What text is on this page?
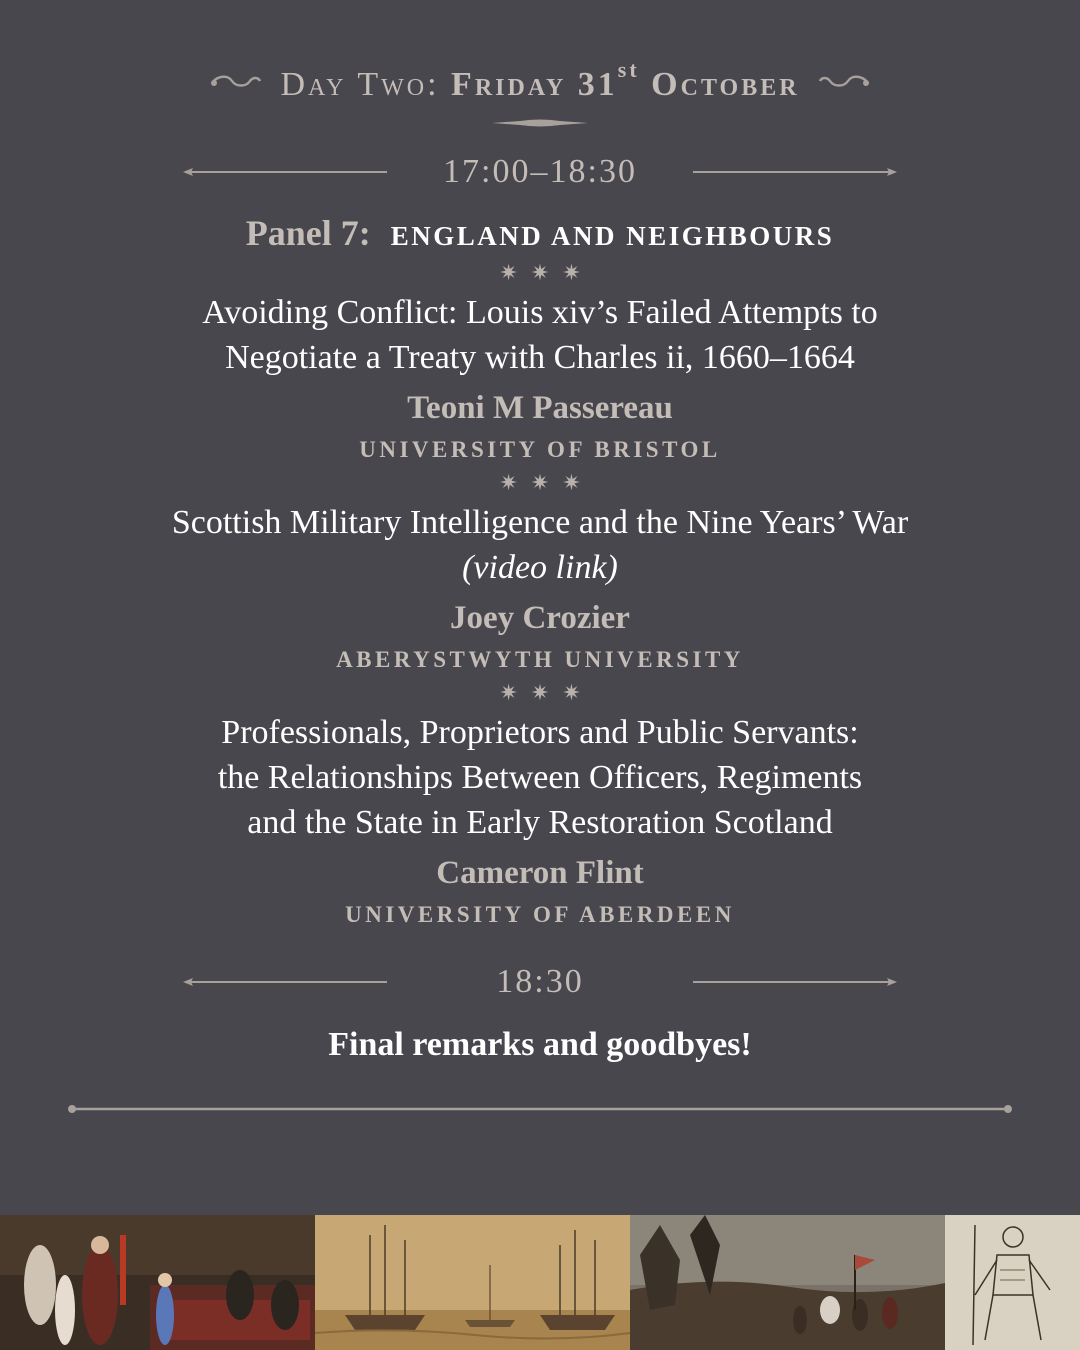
Day Two: Friday 31st October
17:00–18:30
Panel 7: ENGLAND AND NEIGHBOURS
✷ ✷ ✷
Avoiding Conflict: Louis xiv’s Failed Attempts to
Negotiate a Treaty with Charles ii, 1660–1664
Teoni M Passereau
UNIVERSITY OF BRISTOL
✷ ✷ ✷
Scottish Military Intelligence and the Nine Years’ War
(video link)
Joey Crozier
ABERYSTWYTH UNIVERSITY
✷ ✷ ✷
Professionals, Proprietors and Public Servants:
the Relationships Between Officers, Regiments
and the State in Early Restoration Scotland
Cameron Flint
UNIVERSITY OF ABERDEEN
18:30
Final remarks and goodbyes!
